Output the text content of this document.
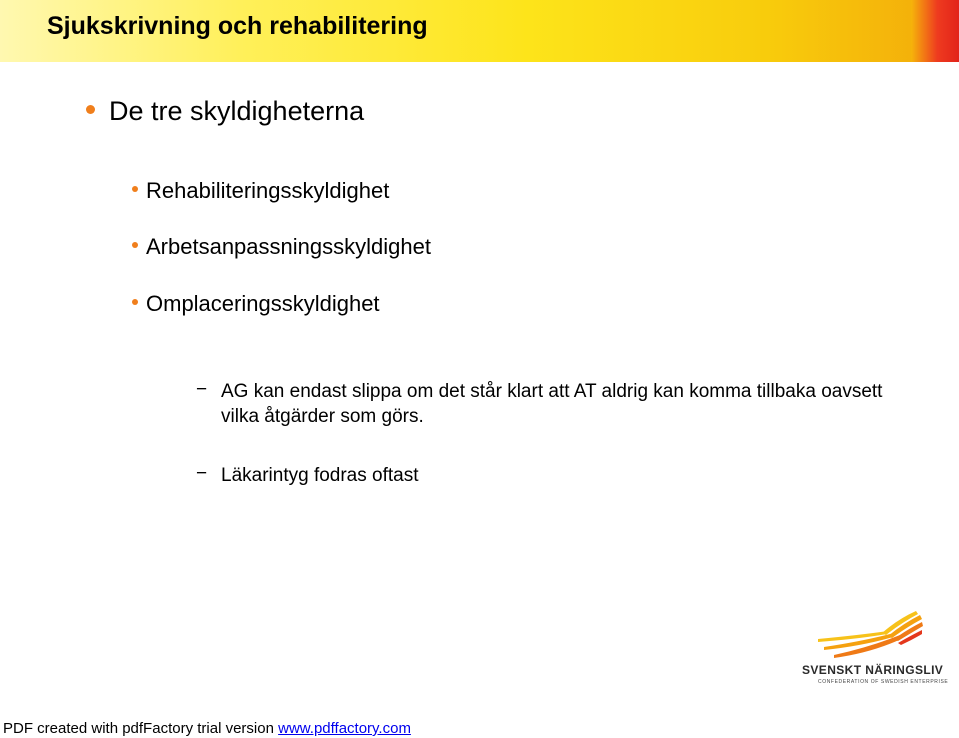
Sjukskrivning och rehabilitering
De tre skyldigheterna
Rehabiliteringsskyldighet
Arbetsanpassningsskyldighet
Omplaceringsskyldighet
− AG kan endast slippa om det står klart att AT aldrig kan komma tillbaka oavsett vilka åtgärder som görs.
− Läkarintyg fodras oftast
SVENSKT NÄRINGSLIV
CONFEDERATION OF SWEDISH ENTERPRISE
PDF created with pdfFactory trial version www.pdffactory.com
